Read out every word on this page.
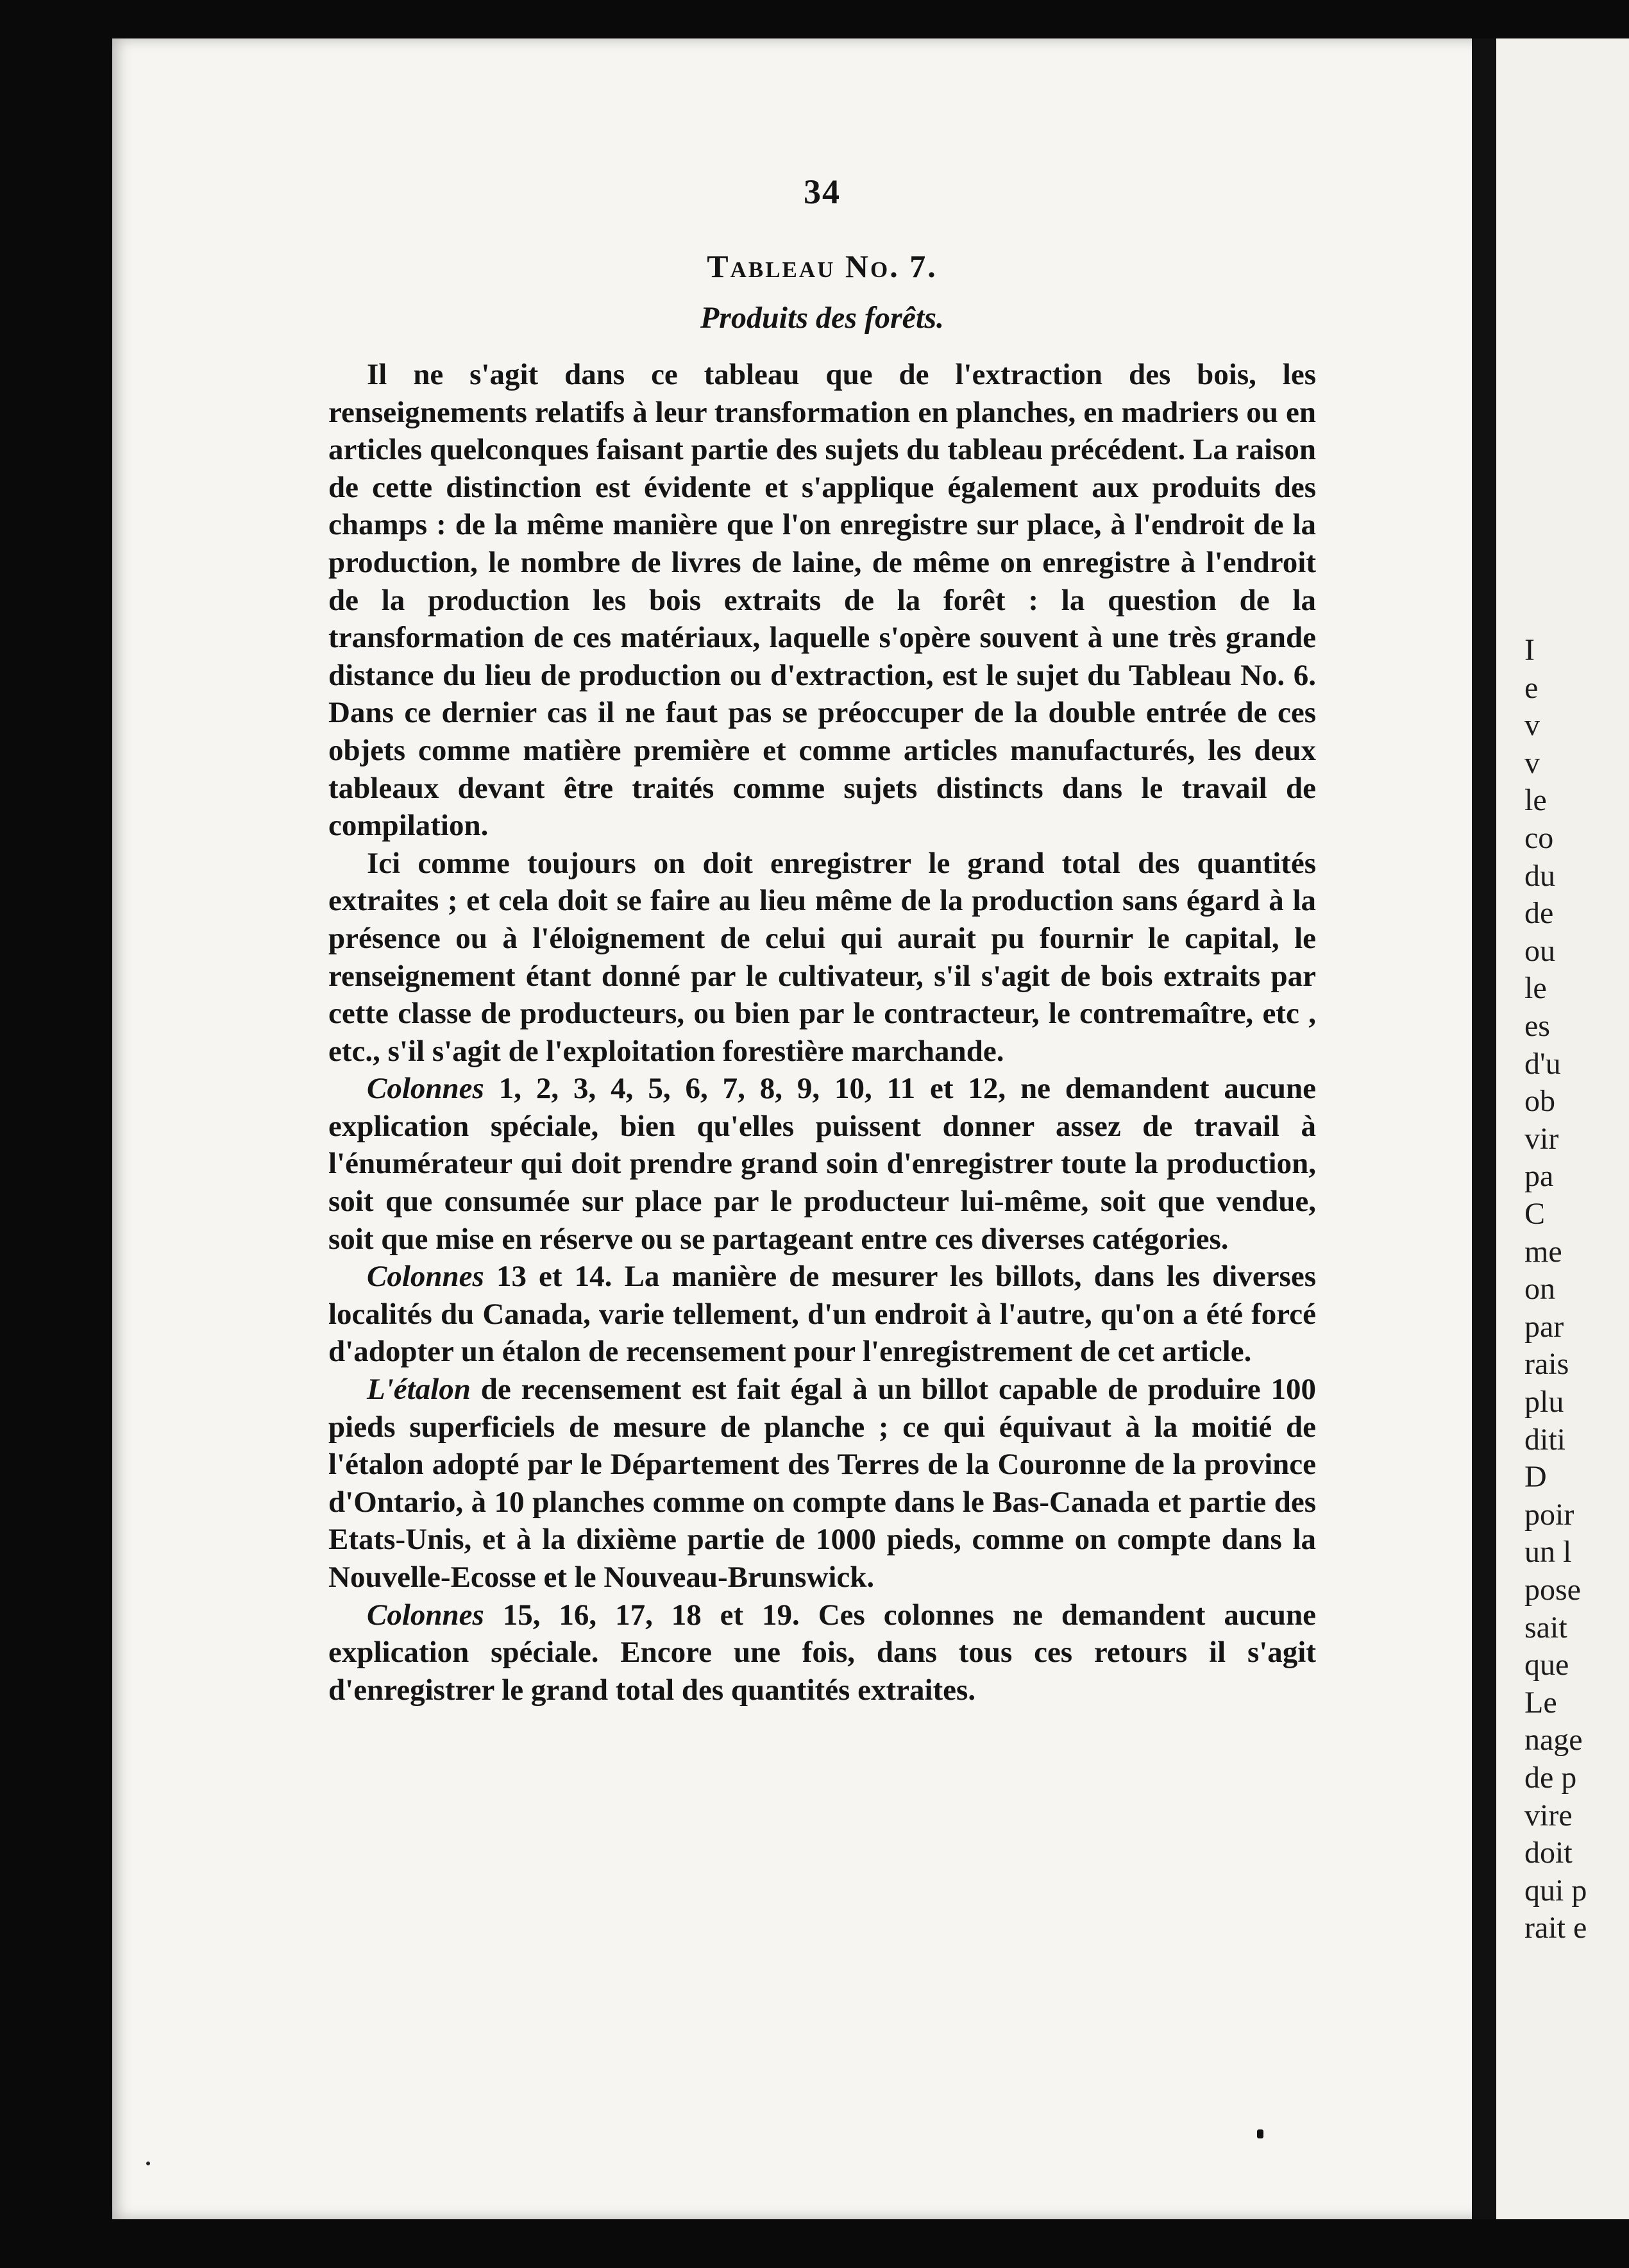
I
e
v
v
le
co
du
de
ou
le
es
d'u
ob
vir
pa
C
me
on
par
rais
plu
diti
D
poir
un l
pose
sait
que
Le
nage
de p
vire
doit
qui p
rait e
34
Tableau No. 7.
Produits des forêts.

Il ne s'agit dans ce tableau que de l'extraction des bois, les renseignements relatifs à leur transformation en planches, en madriers ou en articles quelconques faisant partie des sujets du tableau précédent. La raison de cette distinction est évidente et s'applique également aux produits des champs : de la même manière que l'on enregistre sur place, à l'endroit de la production, le nombre de livres de laine, de même on enregistre à l'endroit de la production les bois extraits de la forêt : la question de la transformation de ces matériaux, laquelle s'opère souvent à une très grande distance du lieu de production ou d'extraction, est le sujet du Tableau No. 6. Dans ce dernier cas il ne faut pas se préoccuper de la double entrée de ces objets comme matière première et comme articles manufacturés, les deux tableaux devant être traités comme sujets distincts dans le travail de compilation.

Ici comme toujours on doit enregistrer le grand total des quantités extraites ; et cela doit se faire au lieu même de la production sans égard à la présence ou à l'éloignement de celui qui aurait pu fournir le capital, le renseignement étant donné par le cultivateur, s'il s'agit de bois extraits par cette classe de producteurs, ou bien par le contracteur, le contremaître, etc , etc., s'il s'agit de l'exploitation forestière marchande.

Colonnes 1, 2, 3, 4, 5, 6, 7, 8, 9, 10, 11 et 12, ne demandent aucune explication spéciale, bien qu'elles puissent donner assez de travail à l'énumérateur qui doit prendre grand soin d'enregistrer toute la production, soit que consumée sur place par le producteur lui-même, soit que vendue, soit que mise en réserve ou se partageant entre ces diverses catégories.

Colonnes 13 et 14. La manière de mesurer les billots, dans les diverses localités du Canada, varie tellement, d'un endroit à l'autre, qu'on a été forcé d'adopter un étalon de recensement pour l'enregistrement de cet article.

L'étalon de recensement est fait égal à un billot capable de produire 100 pieds superficiels de mesure de planche ; ce qui équivaut à la moitié de l'étalon adopté par le Département des Terres de la Couronne de la province d'Ontario, à 10 planches comme on compte dans le Bas-Canada et partie des Etats-Unis, et à la dixième partie de 1000 pieds, comme on compte dans la Nouvelle-Ecosse et le Nouveau-Brunswick.

Colonnes 15, 16, 17, 18 et 19. Ces colonnes ne demandent aucune explication spéciale. Encore une fois, dans tous ces retours il s'agit d'enregistrer le grand total des quantités extraites.
